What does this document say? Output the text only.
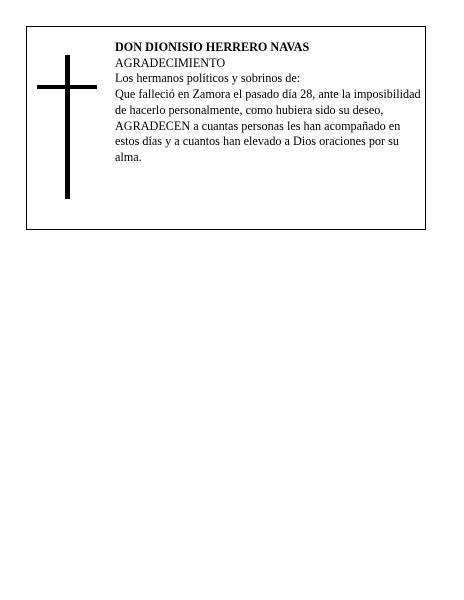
DON DIONISIO HERRERO NAVAS
AGRADECIMIENTO
Los hermanos políticos y sobrinos de:
Que falleció en Zamora el pasado día 28, ante la imposibilidad de hacerlo personalmente, como hubiera sido su deseo, AGRADECEN a cuantas personas les han acompañado en estos días y a cuantos han elevado a Dios oraciones por su alma.
